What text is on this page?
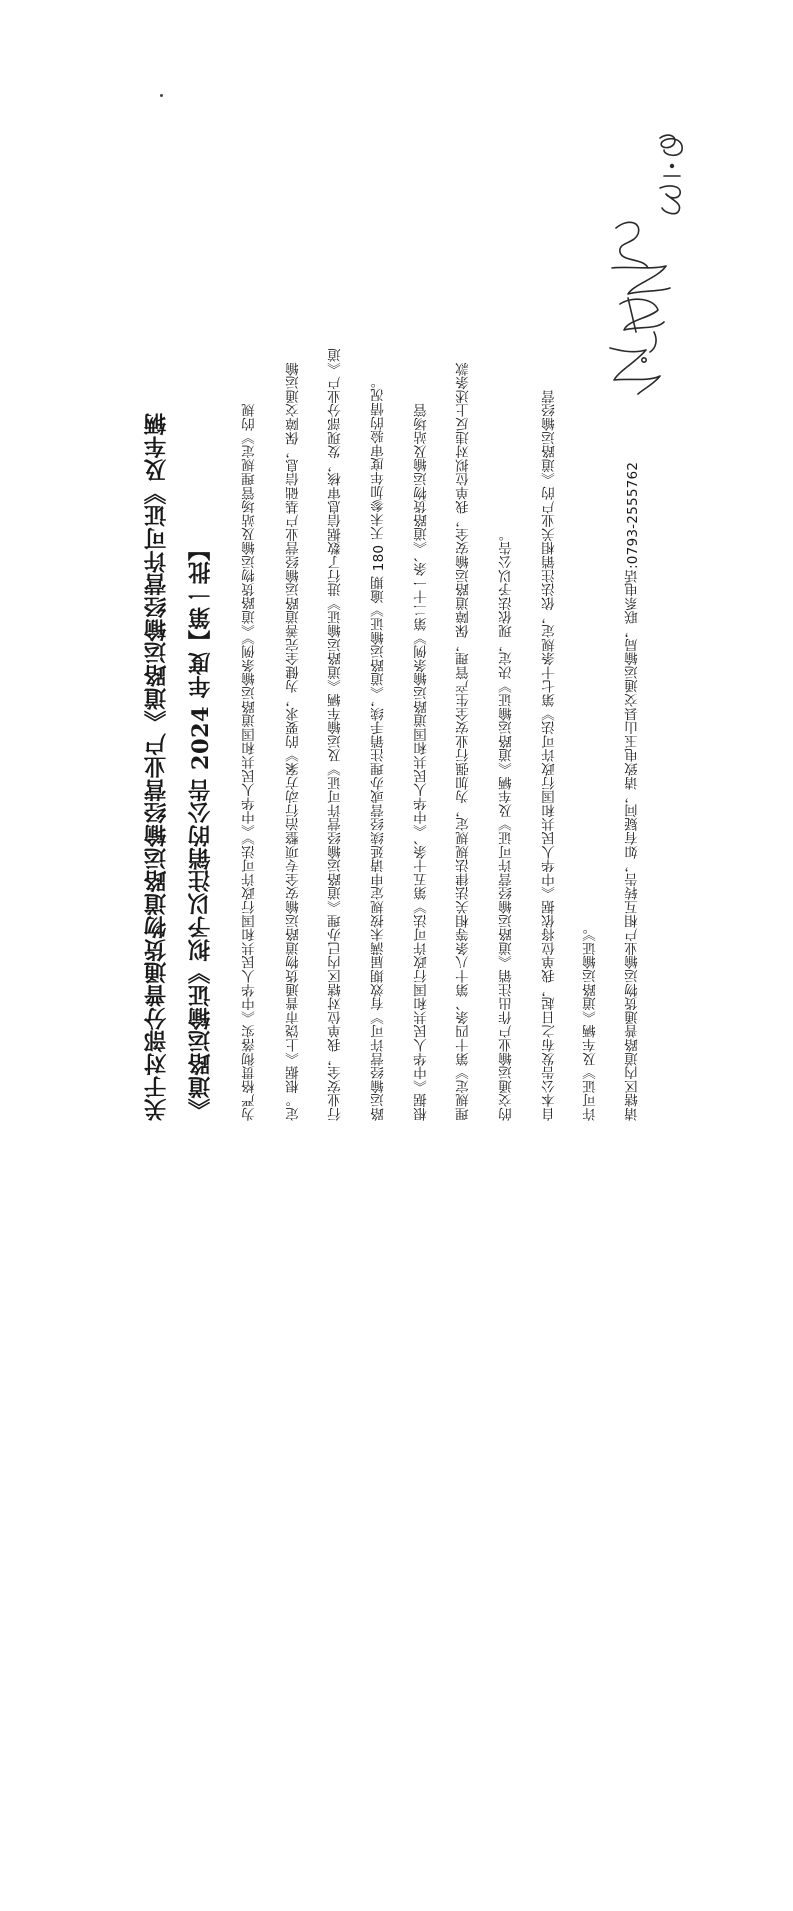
关于对部分普通货物道路运输经营业户《道路运输经营许可证》及车辆 《道路运输证》拟予以注销的公告 2024 年度【第一批】	为严格贯彻落实《中华人民共和国行政许可法》《中华人民共和国道路运输条例》《道路货物运输及站场管理规定》的规	定。根据《上饶市普通货物道路运输安全专项整治行动方案》的要求，为健全完善道路运输经营业户基础信息，保障交通运输	行业安全，我单位对辖区内已办理《道路运输经营许可证》及运输车辆《道路运输证》进行了数据信息审核，发现部分业户《道	路运输经营许可》有效期届满未按规定申请延续经营或办理注销手续，《道路运输证》逾期 180 天未参加年度审验的情况。	根据《中华人民共和国行政许可法》第五十条、《中华人民共和国道路运输条例》第二十一条、《道路货物运输及站场管	理规定》第十四条、第十八条等相关法律法规规定，为加强行业安全生产管理，保障道路运输安全，我单位拟对违反上述条款	的交通运输业户作出注销《道路运输经营许可证》及车辆《道路运输证》决定，现依法予以公告。	自本公告发布之日起，我单位将依据《中华人民共和国行政许可法》第七十条规定，依法注销相关业户的《道路运输经营	许可证》及车辆《道路运输证》。	请辖区内道路普通货物运输业户相互转告，如有疑问，请致电玉山县交通运输局，联系电话:0793-2555762
